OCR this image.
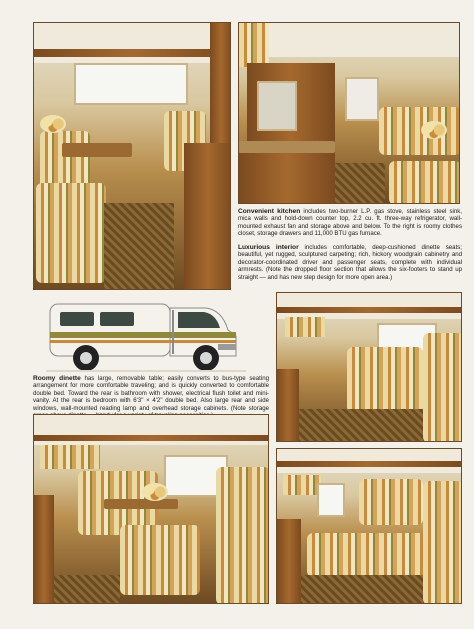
Convenient kitchen includes two-burner L.P. gas stove, stainless steel sink, mica walls and hold-down counter top, 2.2 cu. ft. three-way refrigerator, wall-mounted exhaust fan and storage above and below. To the right is roomy clothes closet, storage drawers and 11,000 BTU gas furnace.
Luxurious interior includes comfortable, deep-cushioned dinette seats; beautiful, yet rugged, sculptured carpeting; rich, hickory woodgrain cabinetry and decorator-coordinated driver and passenger seats, complete with individual armrests. (Note the dropped floor section that allows the six-footers to stand up straight — and has new step design for more open area.)
Roomy dinette has large, removable table; easily converts to bus-type seating arrangement for more comfortable traveling; and is quickly converted to comfortable double bed. Toward the rear is bathroom with shower, electrical flush toilet and mini-vanity. At the rear is bedroom with 6'3" × 4'2" double bed. Also large rear and side windows, wall-mounted reading lamp and overhead storage cabinets. (Note storage
